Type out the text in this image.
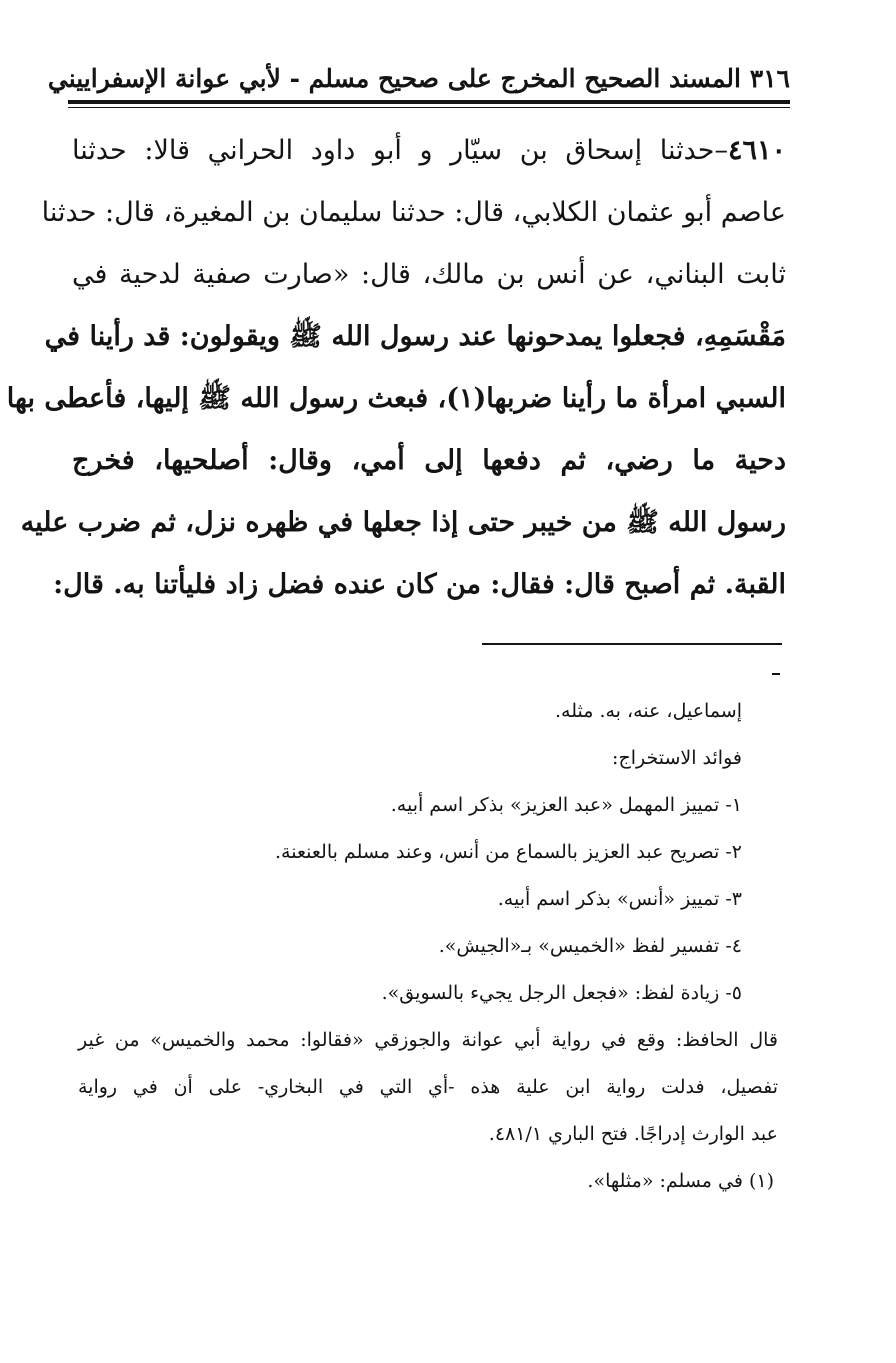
٣١٦ المسند الصحيح المخرج على صحيح مسلم - لأبي عوانة الإسفراييني
٤٦١٠–حدثنا إسحاق بن سيّار و أبو داود الحراني قالا: حدثنا
عاصم أبو عثمان الكلابي، قال: حدثنا سليمان بن المغيرة، قال: حدثنا
ثابت البناني، عن أنس بن مالك، قال: «صارت صفية لدحية في
مَقْسَمِهِ، فجعلوا يمدحونها عند رسول الله ﷺ ويقولون: قد رأينا في
السبي امرأة ما رأينا ضربها(١)، فبعث رسول الله ﷺ إليها، فأعطى بها
دحية ما رضي، ثم دفعها إلى أمي، وقال: أصلحيها، فخرج
رسول الله ﷺ من خيبر حتى إذا جعلها في ظهره نزل، ثم ضرب عليه
القبة. ثم أصبح قال: فقال: من كان عنده فضل زاد فليأتنا به. قال:
إسماعيل، عنه، به. مثله.
فوائد الاستخراج:
١- تمييز المهمل «عبد العزيز» بذكر اسم أبيه.
٢- تصريح عبد العزيز بالسماع من أنس، وعند مسلم بالعنعنة.
٣- تمييز «أنس» بذكر اسم أبيه.
٤- تفسير لفظ «الخميس» بـ«الجيش».
٥- زيادة لفظ: «فجعل الرجل يجيء بالسويق».
قال الحافظ: وقع في رواية أبي عوانة والجوزقي «فقالوا: محمد والخميس» من غير
تفصيل، فدلت رواية ابن علية هذه -أي التي في البخاري- على أن في رواية
عبد الوارث إدراجًا. فتح الباري ٤٨١/١.
(١) في مسلم: «مثلها».
